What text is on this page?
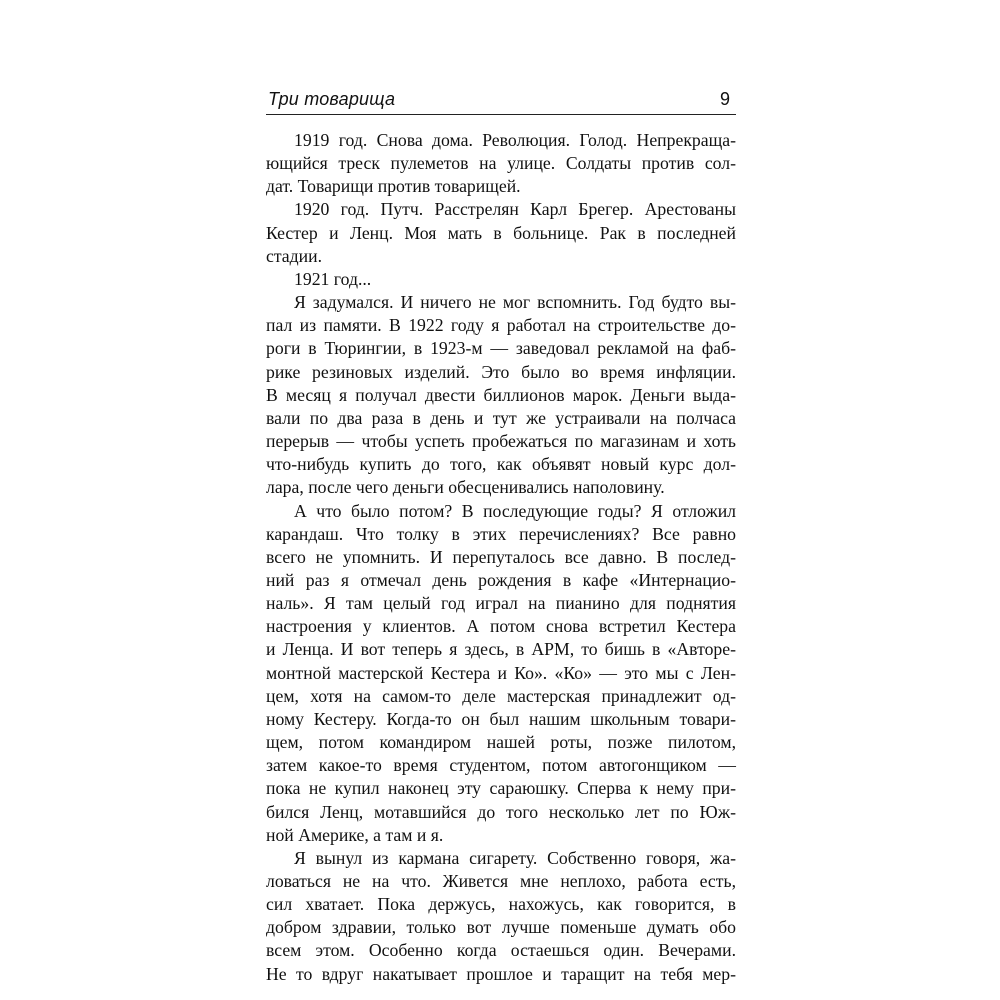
Три товарища	9
1919 год. Снова дома. Революция. Голод. Непрекраща-
ющийся треск пулеметов на улице. Солдаты против сол-
дат. Товарищи против товарищей.
1920 год. Путч. Расстрелян Карл Брегер. Арестованы
Кестер и Ленц. Моя мать в больнице. Рак в последней
стадии.
1921 год...
Я задумался. И ничего не мог вспомнить. Год будто вы-
пал из памяти. В 1922 году я работал на строительстве до-
роги в Тюрингии, в 1923-м — заведовал рекламой на фаб-
рике резиновых изделий. Это было во время инфляции.
В месяц я получал двести биллионов марок. Деньги выда-
вали по два раза в день и тут же устраивали на полчаса
перерыв — чтобы успеть пробежаться по магазинам и хоть
что-нибудь купить до того, как объявят новый курс дол-
лара, после чего деньги обесценивались наполовину.
А что было потом? В последующие годы? Я отложил
карандаш. Что толку в этих перечислениях? Все равно
всего не упомнить. И перепуталось все давно. В послед-
ний раз я отмечал день рождения в кафе «Интернацио-
наль». Я там целый год играл на пианино для поднятия
настроения у клиентов. А потом снова встретил Кестера
и Ленца. И вот теперь я здесь, в АРМ, то бишь в «Авторе-
монтной мастерской Кестера и Ко». «Ко» — это мы с Лен-
цем, хотя на самом-то деле мастерская принадлежит од-
ному Кестеру. Когда-то он был нашим школьным товари-
щем, потом командиром нашей роты, позже пилотом,
затем какое-то время студентом, потом автогонщиком —
пока не купил наконец эту сараюшку. Сперва к нему при-
бился Ленц, мотавшийся до того несколько лет по Юж-
ной Америке, а там и я.
Я вынул из кармана сигарету. Собственно говоря, жа-
ловаться не на что. Живется мне неплохо, работа есть,
сил хватает. Пока держусь, нахожусь, как говорится, в
добром здравии, только вот лучше поменьше думать обо
всем этом. Особенно когда остаешься один. Вечерами.
Не то вдруг накатывает прошлое и таращит на тебя мер-
